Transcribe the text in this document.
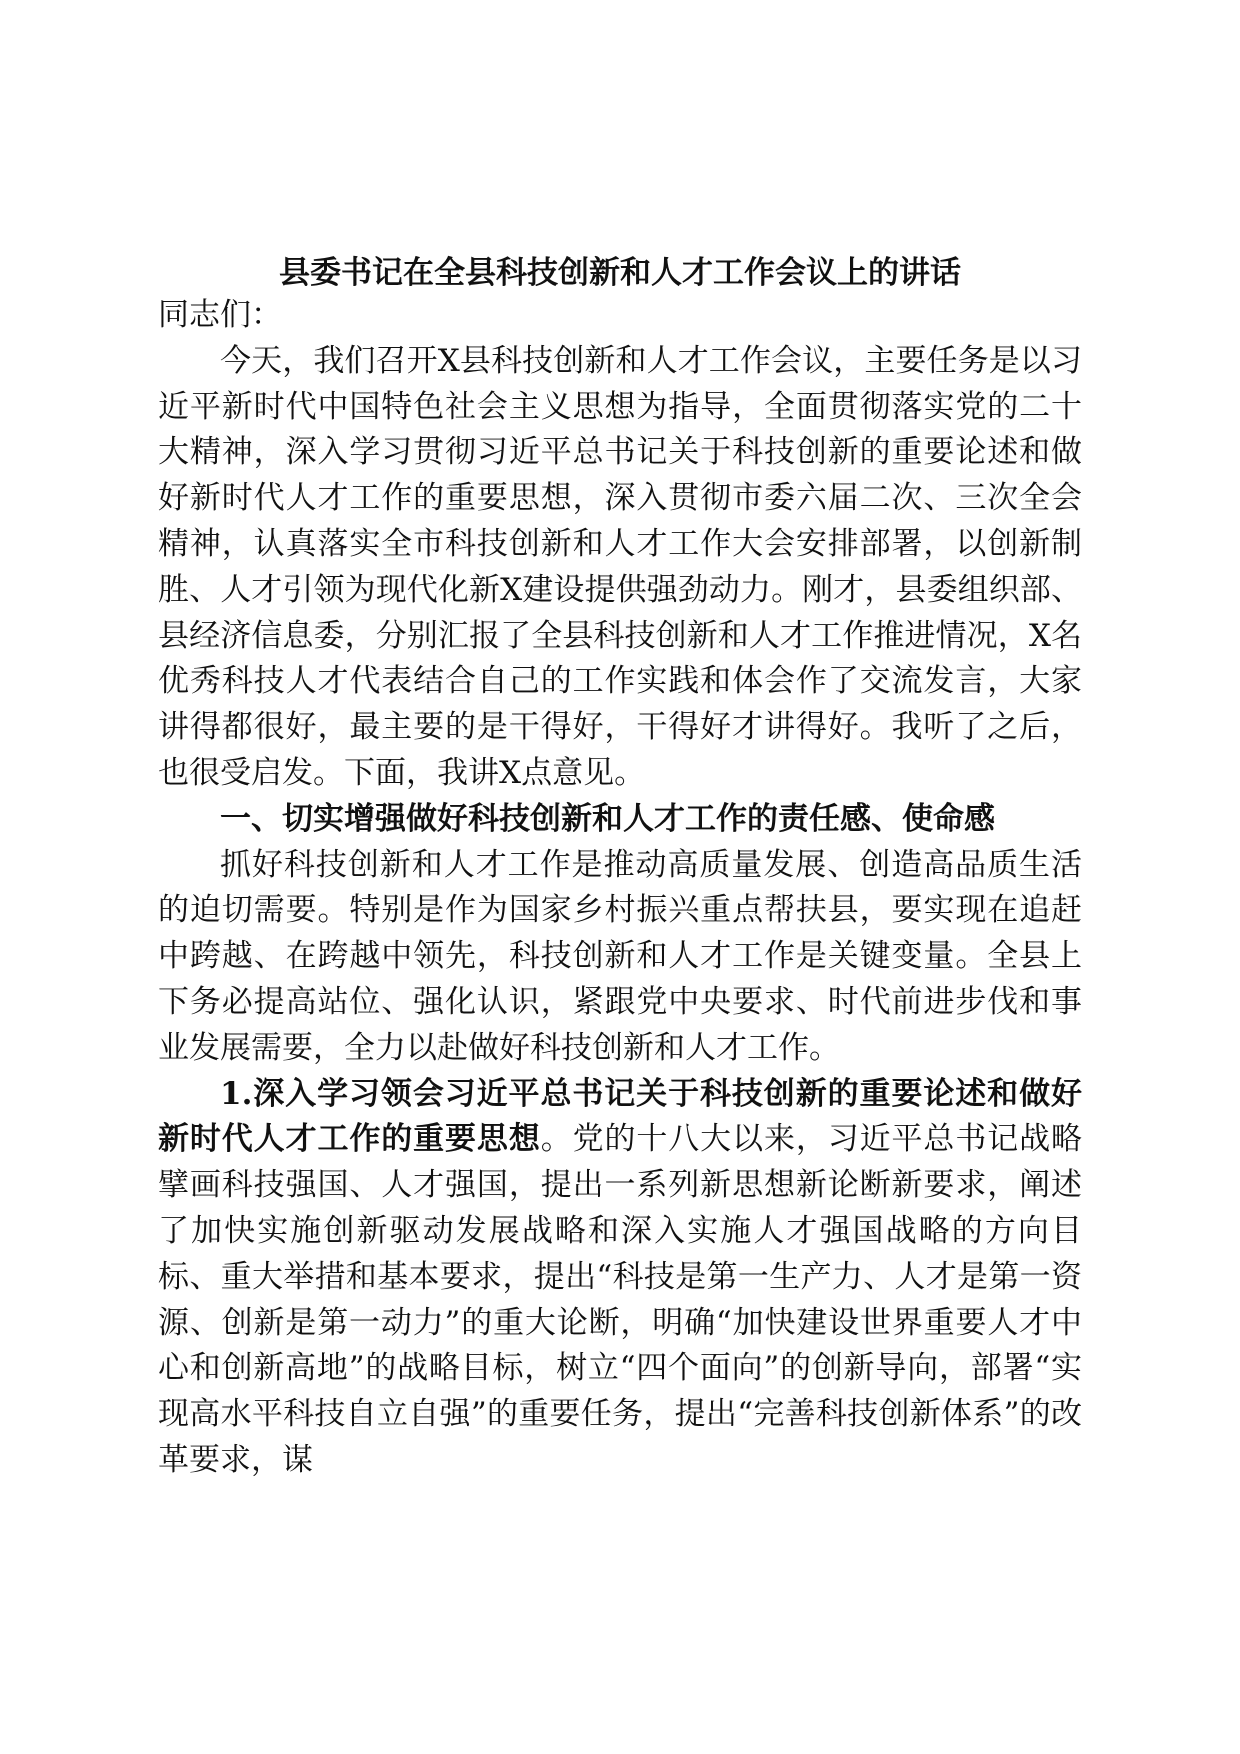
县委书记在全县科技创新和人才工作会议上的讲话

同志们：

今天，我们召开X县科技创新和人才工作会议，主要任务是以习近平新时代中国特色社会主义思想为指导，全面贯彻落实党的二十大精神，深入学习贯彻习近平总书记关于科技创新的重要论述和做好新时代人才工作的重要思想，深入贯彻市委六届二次、三次全会精神，认真落实全市科技创新和人才工作大会安排部署，以创新制胜、人才引领为现代化新X建设提供强劲动力。刚才，县委组织部、县经济信息委，分别汇报了全县科技创新和人才工作推进情况，X名优秀科技人才代表结合自己的工作实践和体会作了交流发言，大家讲得都很好，最主要的是干得好，干得好才讲得好。我听了之后，也很受启发。下面，我讲X点意见。

一、切实增强做好科技创新和人才工作的责任感、使命感

抓好科技创新和人才工作是推动高质量发展、创造高品质生活的迫切需要。特别是作为国家乡村振兴重点帮扶县，要实现在追赶中跨越、在跨越中领先，科技创新和人才工作是关键变量。全县上下务必提高站位、强化认识，紧跟党中央要求、时代前进步伐和事业发展需要，全力以赴做好科技创新和人才工作。

1.深入学习领会习近平总书记关于科技创新的重要论述和做好新时代人才工作的重要思想。党的十八大以来，习近平总书记战略擘画科技强国、人才强国，提出一系列新思想新论断新要求，阐述了加快实施创新驱动发展战略和深入实施人才强国战略的方向目标、重大举措和基本要求，提出“科技是第一生产力、人才是第一资源、创新是第一动力”的重大论断，明确“加快建设世界重要人才中心和创新高地”的战略目标，树立“四个面向”的创新导向，部署“实现高水平科技自立自强”的重要任务，提出“完善科技创新体系”的改革要求，谋
